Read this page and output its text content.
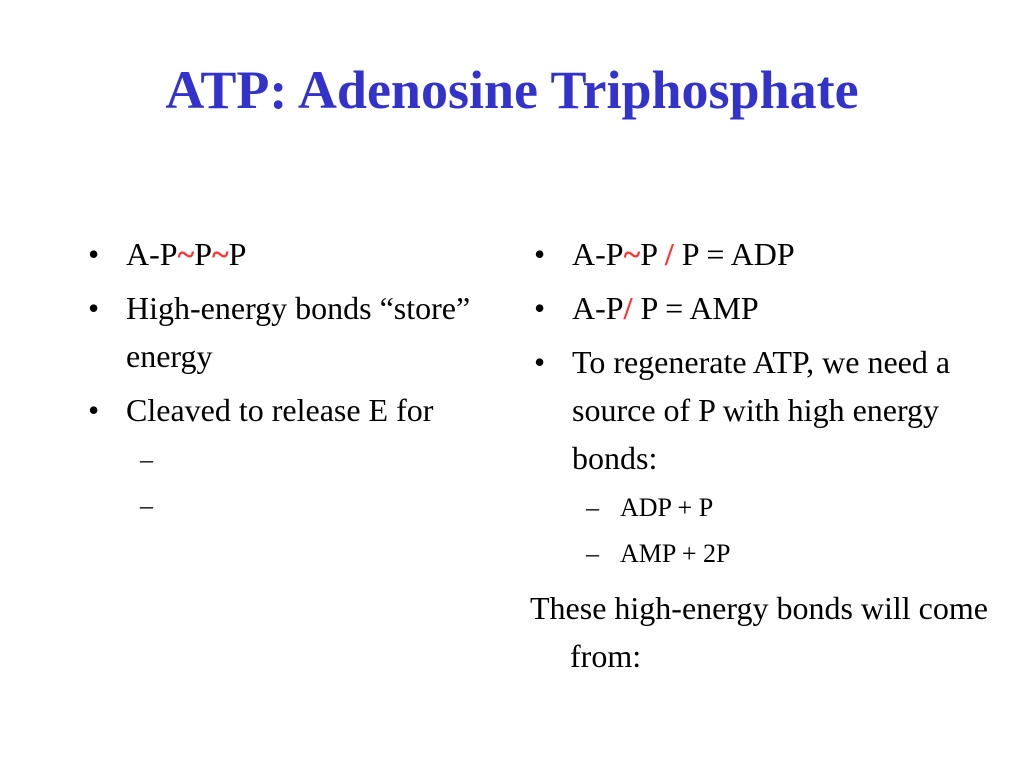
ATP: Adenosine Triphosphate
• A-P~P~P
• High-energy bonds “store” energy
• Cleaved to release E for
–
–
• A-P~P / P = ADP
• A-P/ P = AMP
• To regenerate ATP, we need a source of P with high energy bonds:
– ADP + P
– AMP + 2P
These high-energy bonds will come from:
